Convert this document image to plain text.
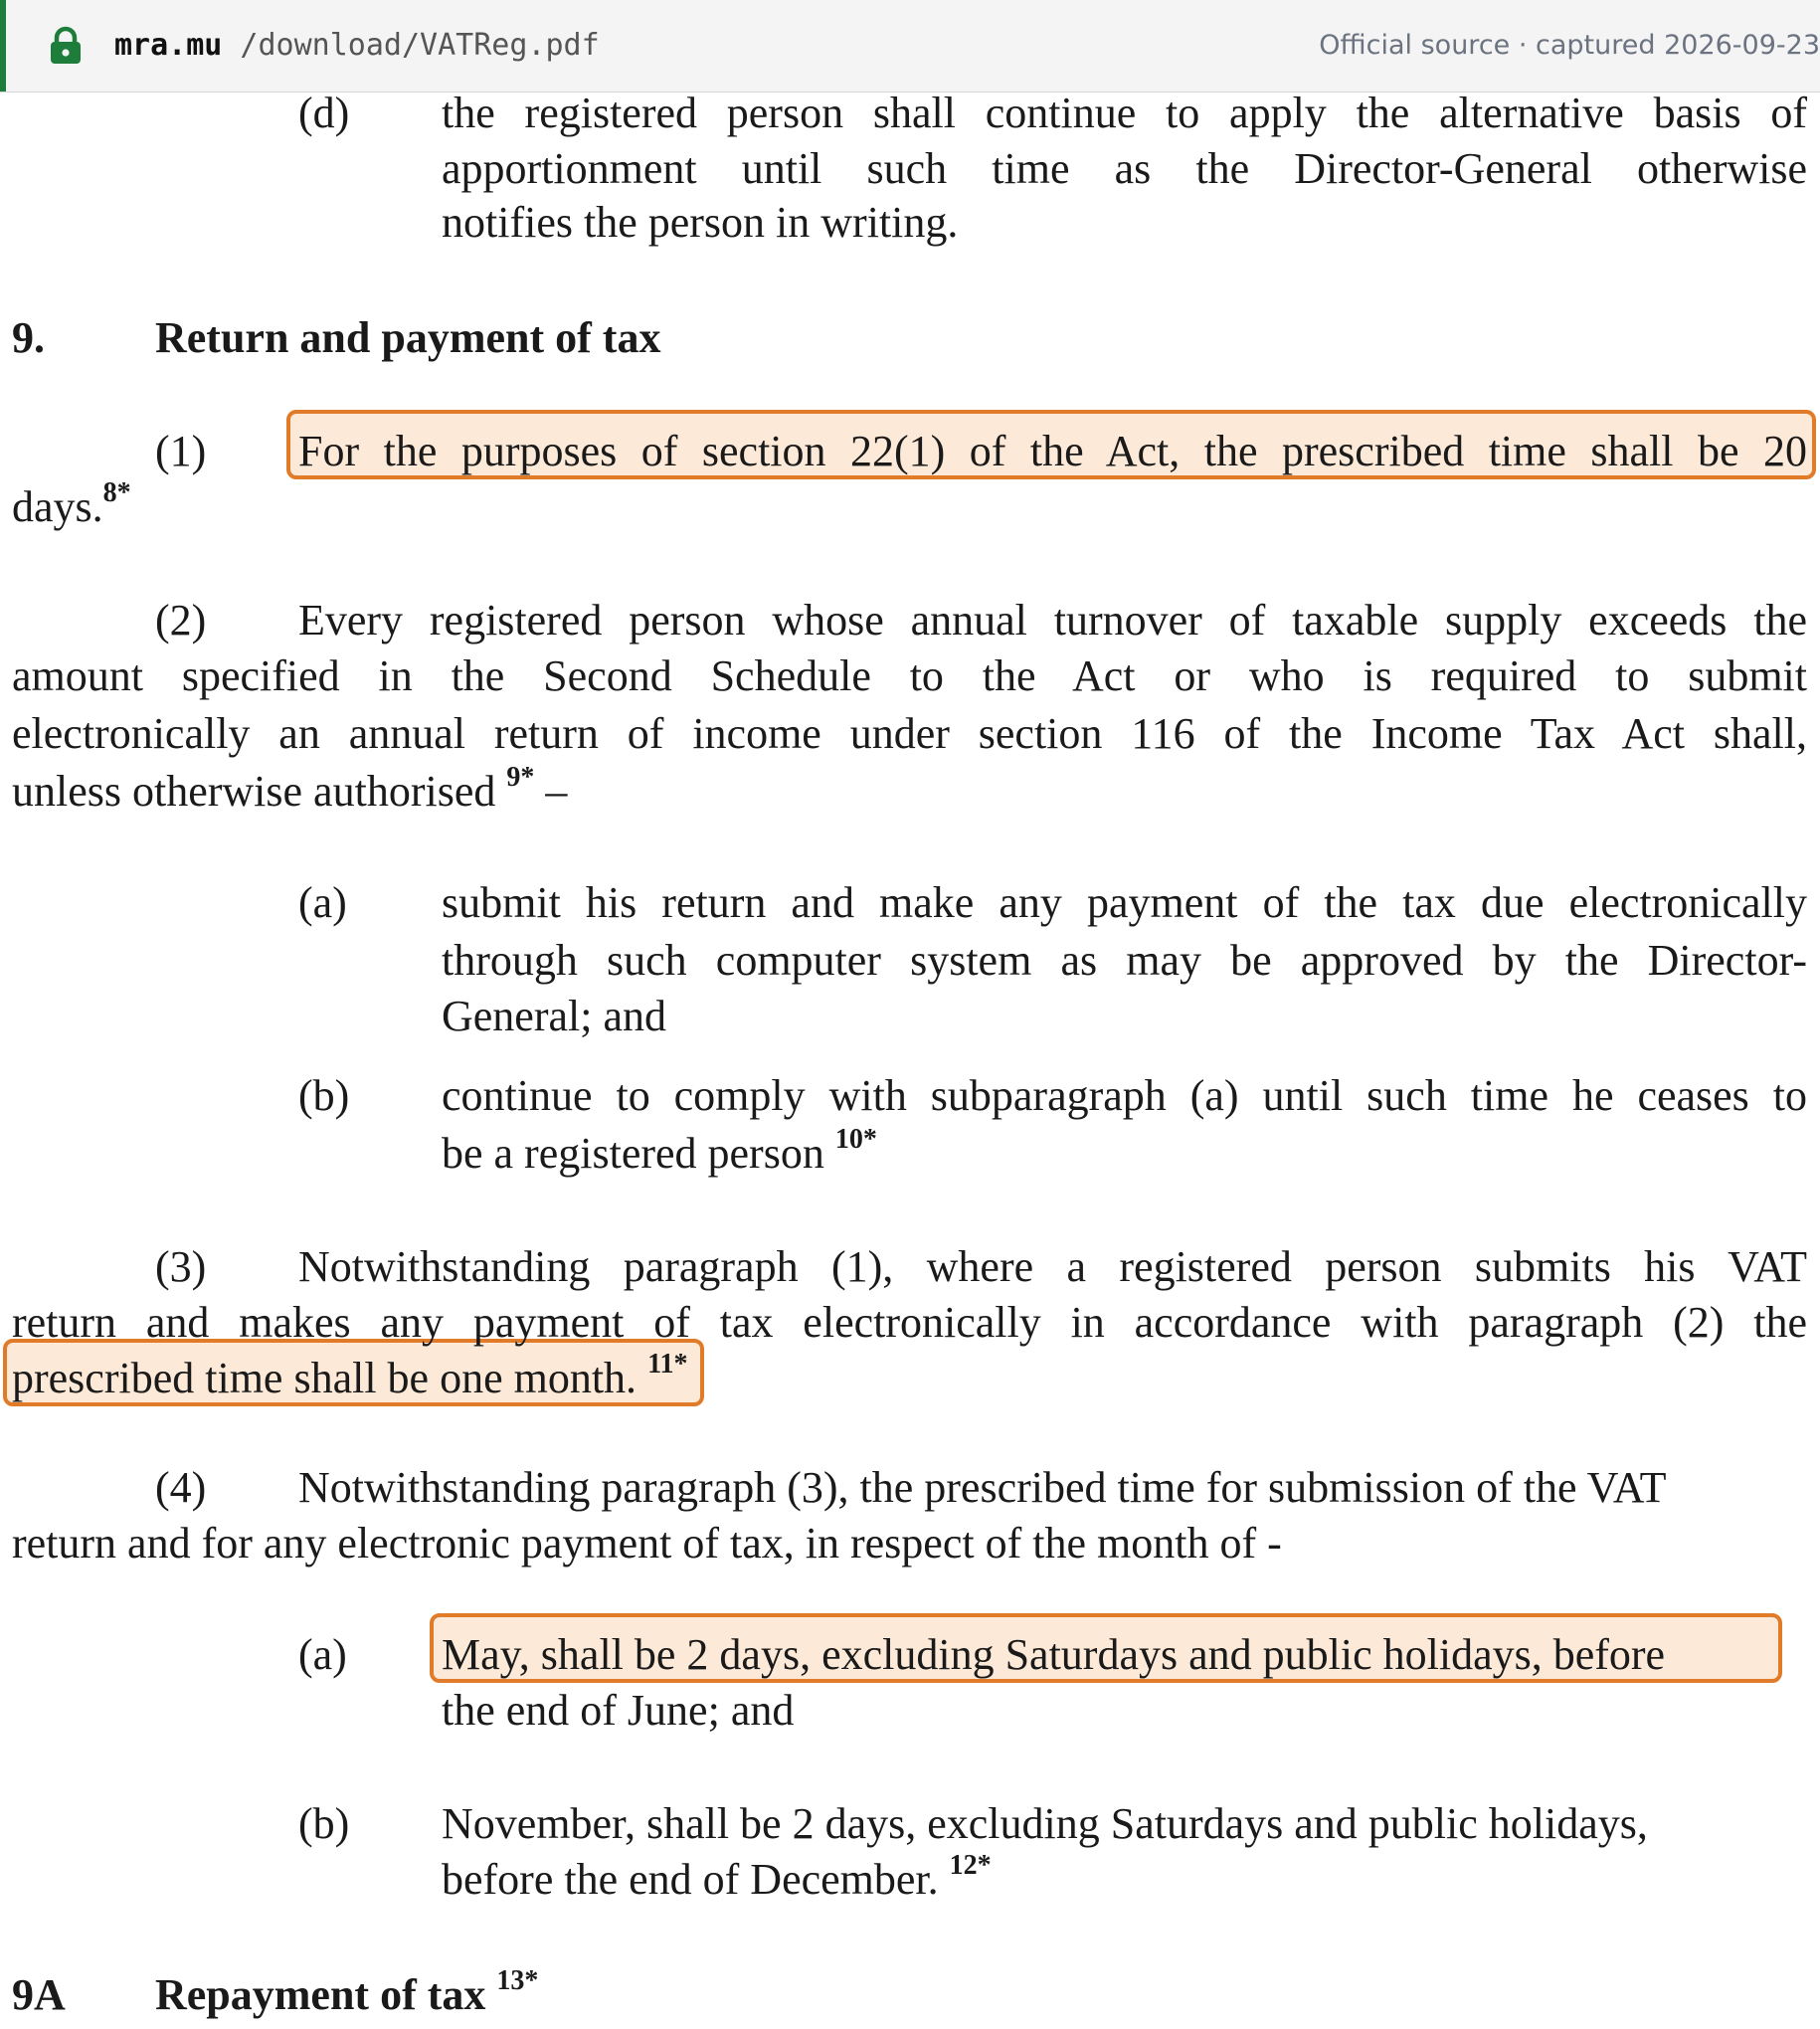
mra.mu /download/VATReg.pdf	Official source · captured 2026-09-23
(d) the registered person shall continue to apply the alternative basis of
apportionment until such time as the Director-General otherwise
notifies the person in writing.
9.	Return and payment of tax
(1) For the purposes of section 22(1) of the Act, the prescribed time shall be 20
days.$^{8*}$
(2) Every registered person whose annual turnover of taxable supply exceeds the
amount specified in the Second Schedule to the Act or who is required to submit
electronically an annual return of income under section 116 of the Income Tax Act shall,
unless otherwise authorised $^{9*}$ –
(a) submit his return and make any payment of the tax due electronically
through such computer system as may be approved by the Director-
General; and
(b) continue to comply with subparagraph (a) until such time he ceases to
be a registered person $^{10*}$
(3) Notwithstanding paragraph (1), where a registered person submits his VAT
return and makes any payment of tax electronically in accordance with paragraph (2) the
prescribed time shall be one month. $^{11*}$
(4) Notwithstanding paragraph (3), the prescribed time for submission of the VAT
return and for any electronic payment of tax, in respect of the month of -
(a) May, shall be 2 days, excluding Saturdays and public holidays, before
the end of June; and
(b) November, shall be 2 days, excluding Saturdays and public holidays,
before the end of December. $^{12*}$
9A Repayment of tax $^{13*}$
